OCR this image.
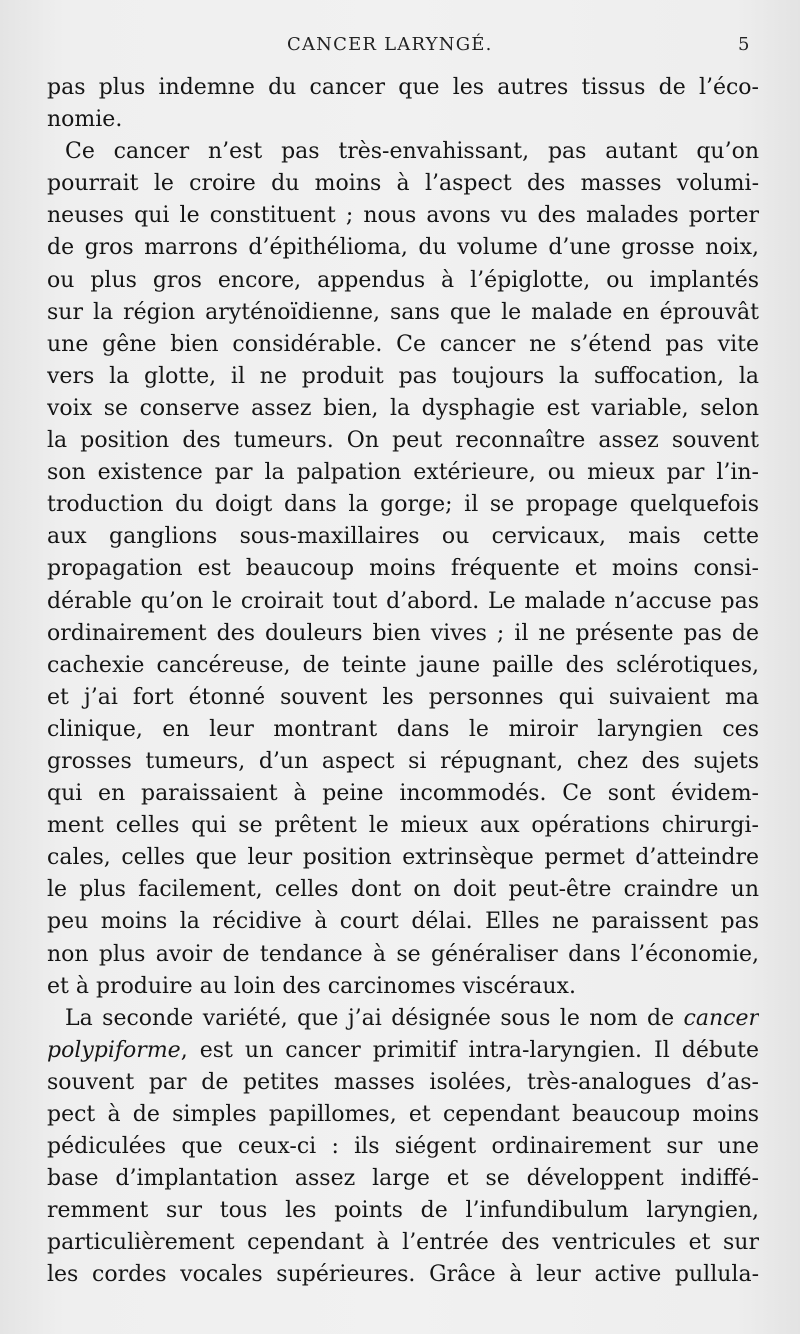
CANCER LARYNGÉ.	5
pas plus indemne du cancer que les autres tissus de l’éco-
nomie.
Ce cancer n’est pas très-envahissant, pas autant qu’on
pourrait le croire du moins à l’aspect des masses volumi-
neuses qui le constituent ; nous avons vu des malades porter
de gros marrons d’épithélioma, du volume d’une grosse noix,
ou plus gros encore, appendus à l’épiglotte, ou implantés
sur la région aryténoïdienne, sans que le malade en éprouvât
une gêne bien considérable. Ce cancer ne s’étend pas vite
vers la glotte, il ne produit pas toujours la suffocation, la
voix se conserve assez bien, la dysphagie est variable, selon
la position des tumeurs. On peut reconnaître assez souvent
son existence par la palpation extérieure, ou mieux par l’in-
troduction du doigt dans la gorge; il se propage quelquefois
aux ganglions sous-maxillaires ou cervicaux, mais cette
propagation est beaucoup moins fréquente et moins consi-
dérable qu’on le croirait tout d’abord. Le malade n’accuse pas
ordinairement des douleurs bien vives ; il ne présente pas de
cachexie cancéreuse, de teinte jaune paille des sclérotiques,
et j’ai fort étonné souvent les personnes qui suivaient ma
clinique, en leur montrant dans le miroir laryngien ces
grosses tumeurs, d’un aspect si répugnant, chez des sujets
qui en paraissaient à peine incommodés. Ce sont évidem-
ment celles qui se prêtent le mieux aux opérations chirurgi-
cales, celles que leur position extrinsèque permet d’atteindre
le plus facilement, celles dont on doit peut-être craindre un
peu moins la récidive à court délai. Elles ne paraissent pas
non plus avoir de tendance à se généraliser dans l’économie,
et à produire au loin des carcinomes viscéraux.
La seconde variété, que j’ai désignée sous le nom de cancer
polypiforme, est un cancer primitif intra-laryngien. Il débute
souvent par de petites masses isolées, très-analogues d’as-
pect à de simples papillomes, et cependant beaucoup moins
pédiculées que ceux-ci : ils siégent ordinairement sur une
base d’implantation assez large et se développent indiffé-
remment sur tous les points de l’infundibulum laryngien,
particulièrement cependant à l’entrée des ventricules et sur
les cordes vocales supérieures. Grâce à leur active pullula-
